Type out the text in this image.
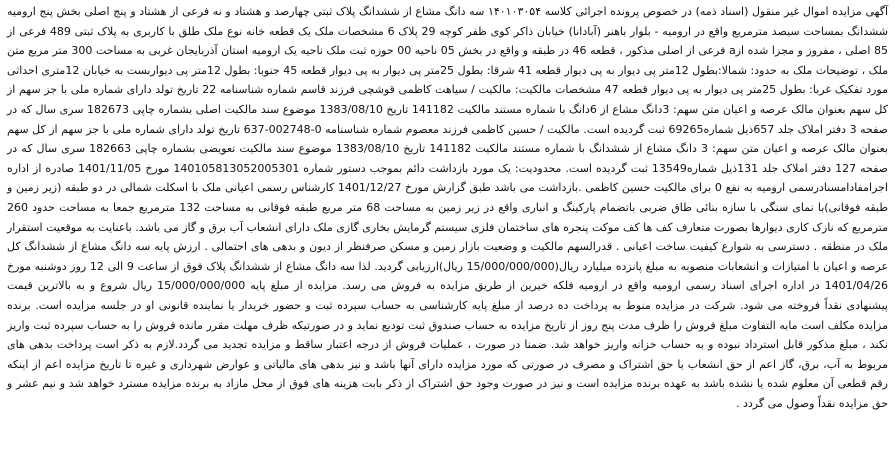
آگهی مزایده اموال غیر منقول (اسناد ذمه) در خصوص پرونده اجرائی کلاسه ۱۴۰۱۰۳۰۵۴ سه دانگ مشاع از ششدانگ پلاک ثبتی چهارصد و هشتاد و نه فرعی از هشتاد و پنج اصلی بخش پنج ارومیه ششدانگ بمساحت سیصد مترمربع واقع در ارومیه - بلوار باهنر (آبادانا) خیابان ذاکر کوی ظفر کوچه 29 پلاک 6 مشخصات ملک یک قطعه خانه نوع ملک طلق با کاربری به پلاک ثبتی 489 فرعی از 85 اصلی ، مفروز و مجزا شده ازa فرعی از اصلی مذکور ، قطعه 46 در طبقه و واقع در بخش 05 ناحیه 00 حوزه ثبت ملک ناحیه یک ارومیه استان آذربایجان غربی به مساحت 300 متر مربع متن ملک ، توضیحات ملک به حدود: شمالا:بطول 12متر پی دیوار به پی دیوار قطعه 41 شرقا: بطول 25متر پی دیوار به پی دیوار قطعه 45 جنوبا: بطول 12متر پی دیواربست به خیابان 12متری احداثی مورد تفکیک غربا: بطول 25متر پی دیوار به پی دیوار قطعه 47 مشخصات مالکیت: مالکیت / سیاهت کاظمی قوشچی فرزند قاسم شماره شناسنامه 22 تاریخ تولد دارای شماره ملی با جز سهم از کل سهم بعنوان مالک عرصه و اعیان متن سهم: 3دانگ مشاع از 6دانگ با شماره مستند مالکیت 141182 تاریخ 1383/08/10 موضوع سند مالکیت اصلی بشماره چاپی 182673 سری سال که در صفحه 3 دفتر املاک جلد 657ذیل شماره69265 ثبت گردیده است. مالکیت / حسین کاظمی فرزند معصوم شماره شناسنامه 0-002748-637 تاریخ تولد دارای شماره ملی با جز سهم از کل سهم بعنوان مالک عرصه و اعیان متن سهم: 3 دانگ مشاع از ششدانگ با شماره مستند مالکیت 141182 تاریخ 1383/08/10 موضوع سند مالکیت تعویضی بشماره چاپی 182663 سری سال که در صفحه 127 دفتر املاک جلد 131ذیل شماره13549 ثبت گردیده است. محدودیت: یک مورد بازداشت دائم بموجب دستور شماره 140105813052005301 مورخ 1401/11/05 صادره از اداره اجرامفادامسنادرسمی ارومیه به نفع 0 برای مالکیت حسین کاظمی .بازداشت می باشد طبق گزارش مورخ 1401/12/27 کارشناس رسمی اعیانی ملک با اسکلت شمالی در دو طبقه (زیر زمین و طبقه فوقانی)با نمای سنگی با سازه بنائی طاق ضربی باتضمام پارکینگ و انباری واقع در زیر زمین به مساحت 68 متر مربع طبقه فوقانی به مساحت 132 مترمربع جمعا به مساحت حدود 260 مترمربع که نازک کاری دیوارها بصورت متعارف کف ها کف موکت پنجره های ساختمان فلزی سیستم گرمایش بخاری گازی ملک دارای انشعاب آب برق و گاز می باشد. باعنایت به موقعیت استقرار ملک در منطقه . دسترسی به شوارع کیفیت ساخت اعیانی . قدرالسهم مالکیت و وضعیت بازار زمین و مسکن صرفنظر از دیون و بدهی های احتمالی . ارزش پایه سه دانگ مشاع از ششدانگ کل عرصه و اعیان با امتیازات و انشعابات منصوبه به مبلغ پانزده میلیارد ریال(15/000/000/000 ریال)ارزیابی گردید. لذا سه دانگ مشاع از ششدانگ پلاک فوق از ساعت 9 الی 12 روز دوشنبه مورخ 1401/04/26 در اداره اجرای اسناد رسمی ارومیه واقع در ارومیه فلکه خیرین از طریق مزایده به فروش می رسد. مزایده از مبلغ پایه 15/000/000/000 ریال شروع و به بالاترین قیمت پیشنهادی نقداً فروخته می شود. شرکت در مزایده منوط به پرداخت ده درصد از مبلغ پایه کارشناسی به حساب سپرده ثبت و حضور خریدار یا نماینده قانونی او در جلسه مزایده است. برنده مزایده مکلف است مابه التفاوت مبلغ فروش را ظرف مدت پنج روز از تاریخ مزایده به حساب صندوق ثبت تودیع نماید و در صورتیکه ظرف مهلت مقرر مانده فروش را به حساب سپرده ثبت واریز نکند ، مبلغ مذکور قابل استرداد نبوده و به حساب خزانه واریز خواهد شد. ضمنا در صورت ، عملیات فروش از درجه اعتبار ساقط و مزایده تجدید می گردد.لازم به ذکر است پرداخت بدهی های مربوط به آب، برق، گاز اعم از حق انشعاب یا حق اشتراک و مصرف در صورتی که مورد مزایده دارای آنها باشد و نیز بدهی های مالیاتی و عوارض شهرداری و غیره تا تاریخ مزایده اعم از اینکه رقم قطعی آن معلوم شده یا نشده باشد به عهده برنده مزایده است و نیز در صورت وجود حق اشتراک از ذکر بابت هزینه های فوق از محل مازاد به برنده مزایده مسترد خواهد شد و نیم عشر و حق مزایده نقداً وصول می گردد .
